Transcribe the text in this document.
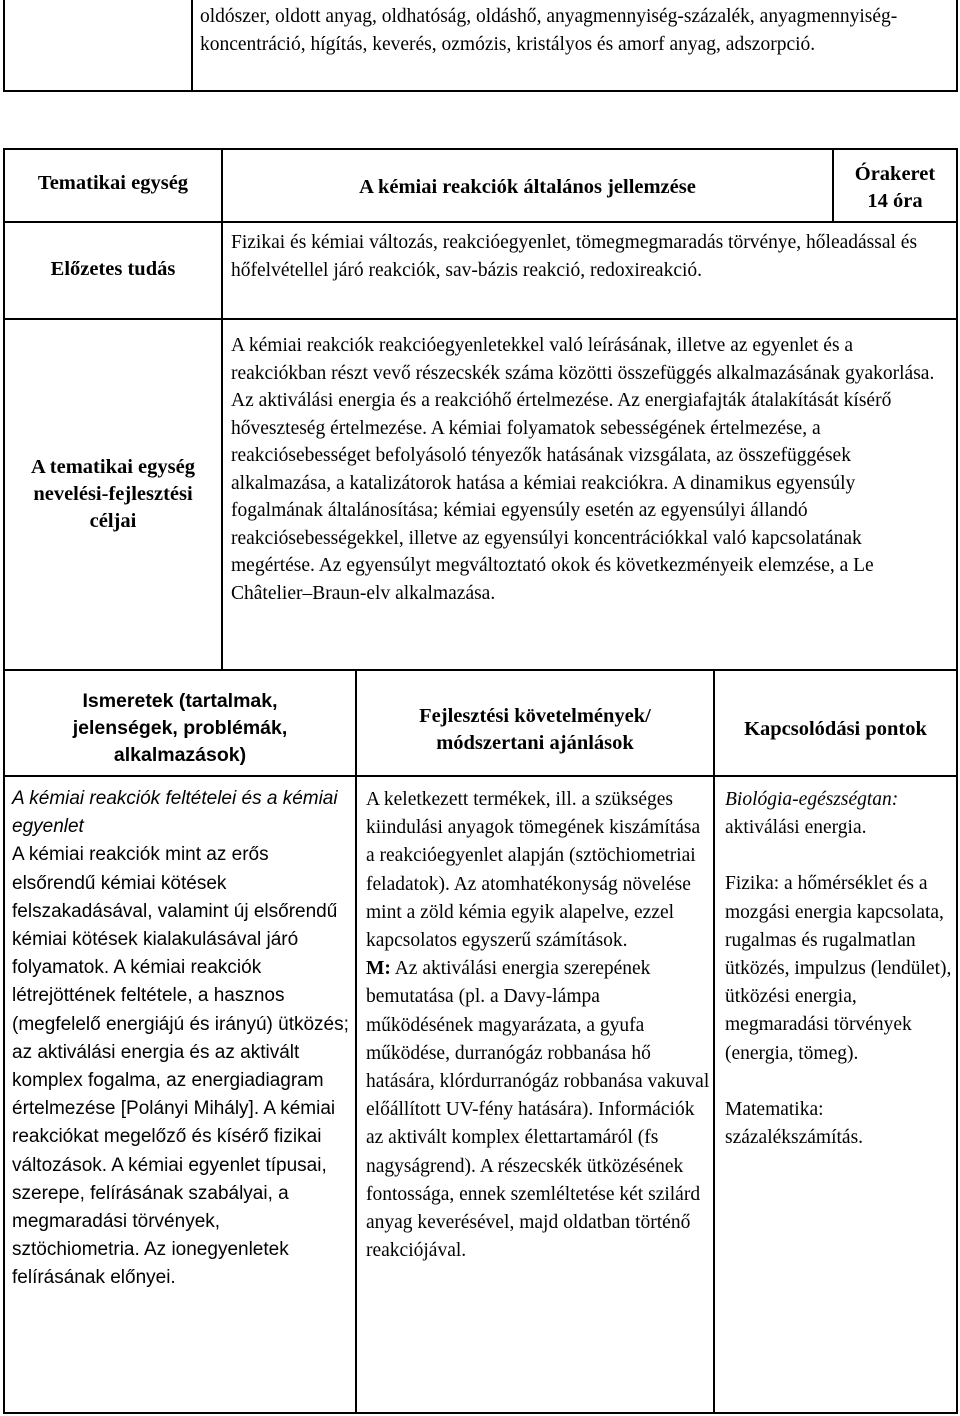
oldószer, oldott anyag, oldhatóság, oldáshő, anyagmennyiség-százalék, anyagmennyiség-koncentráció, hígítás, keverés, ozmózis, kristályos és amorf anyag, adszorpció.
Tematikai egység	A kémiai reakciók általános jellemzése
Órakeret
14 óra
Előzetes tudás
Fizikai és kémiai változás, reakcióegyenlet, tömegmegmaradás törvénye, hőleadással és hőfelvétellel járó reakciók, sav-bázis reakció, redoxireakció.
A tematikai egység nevelési-fejlesztési céljai
A kémiai reakciók reakcióegyenletekkel való leírásának, illetve az egyenlet és a reakciókban részt vevő részecskék száma közötti összefüggés alkalmazásának gyakorlása. Az aktiválási energia és a reakcióhő értelmezése. Az energiafajták átalakítását kísérő hőveszteség értelmezése. A kémiai folyamatok sebességének értelmezése, a reakciósebességet befolyásoló tényezők hatásának vizsgálata, az összefüggések alkalmazása, a katalizátorok hatása a kémiai reakciókra. A dinamikus egyensúly fogalmának általánosítása; kémiai egyensúly esetén az egyensúlyi állandó reakciósebességekkel, illetve az egyensúlyi koncentrációkkal való kapcsolatának megértése. Az egyensúlyt megváltoztató okok és következményeik elemzése, a Le Châtelier–Braun-elv alkalmazása.
Ismeretek (tartalmak, jelenségek, problémák, alkalmazások)
Fejlesztési követelmények/ módszertani ajánlások
Kapcsolódási pontok
A kémiai reakciók feltételei és a kémiai egyenlet
A kémiai reakciók mint az erős elsőrendű kémiai kötések felszakadásával, valamint új elsőrendű kémiai kötések kialakulásával járó folyamatok. A kémiai reakciók létrejöttének feltétele, a hasznos (megfelelő energiájú és irányú) ütközés; az aktiválási energia és az aktivált komplex fogalma, az energiadiagram értelmezése [Polányi Mihály]. A kémiai reakciókat megelőző és kísérő fizikai változások. A kémiai egyenlet típusai, szerepe, felírásának szabályai, a megmaradási törvények, sztöchiometria. Az ionegyenletek felírásának előnyei.
A keletkezett termékek, ill. a szükséges kiindulási anyagok tömegének kiszámítása a reakcióegyenlet alapján (sztöchiometriai feladatok). Az atomhatékonyság növelése mint a zöld kémia egyik alapelve, ezzel kapcsolatos egyszerű számítások.
M: Az aktiválási energia szerepének bemutatása (pl. a Davy-lámpa működésének magyarázata, a gyufa működése, durranógáz robbanása hő hatására, klórdurranógáz robbanása vakuval előállított UV-fény hatására). Információk az aktivált komplex élettartamáról (fs nagyságrend). A részecskék ütközésének fontossága, ennek szemléltetése két szilárd anyag keverésével, majd oldatban történő reakciójával.
Biológia-egészségtan:
aktiválási energia.
Fizika: a hőmérséklet és a mozgási energia kapcsolata, rugalmas és rugalmatlan ütközés, impulzus (lendület), ütközési energia, megmaradási törvények (energia, tömeg).
Matematika: százalékszámítás.
